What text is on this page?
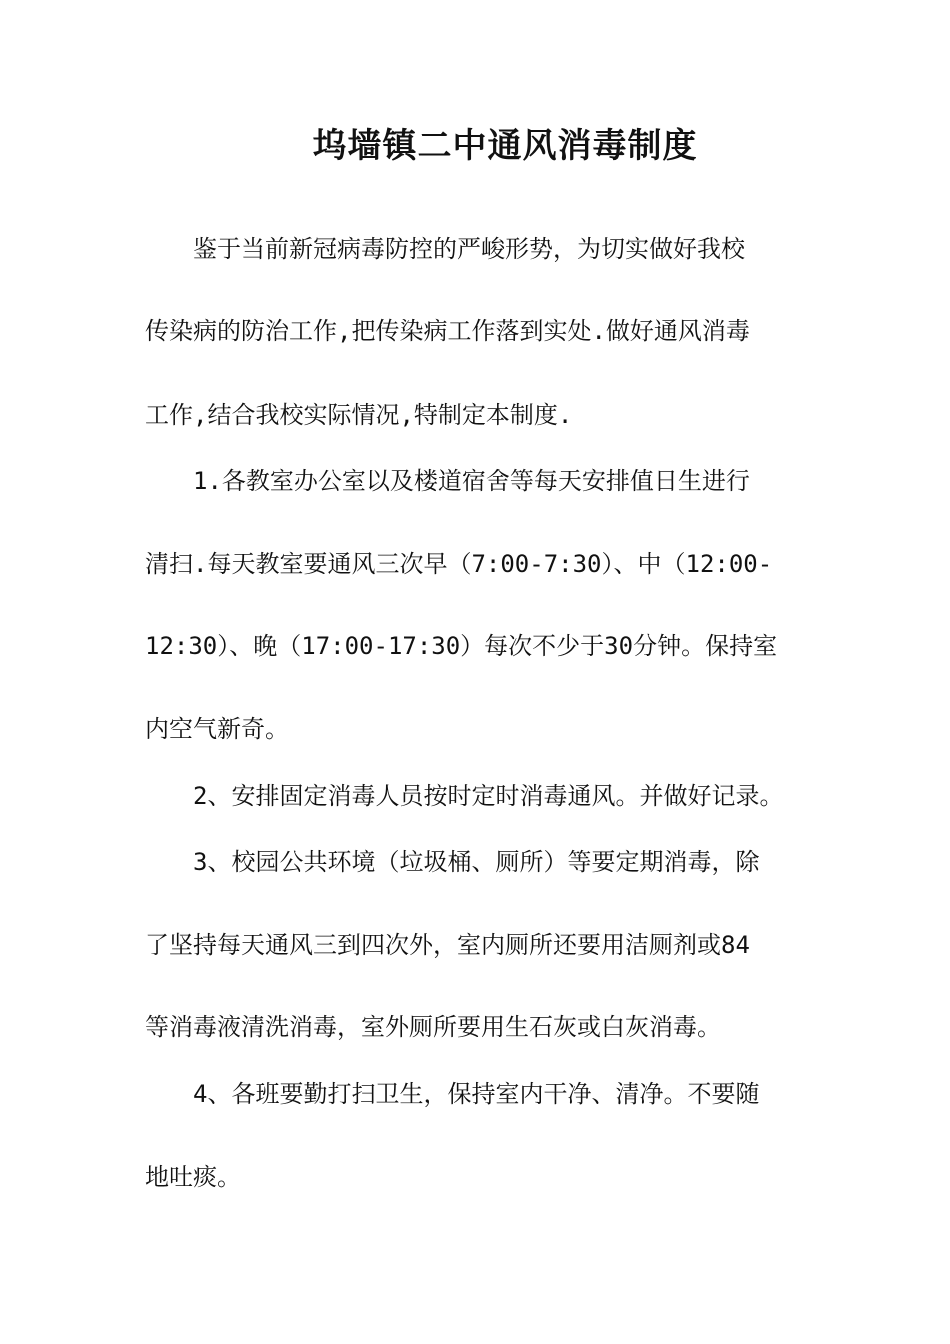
坞墙镇二中通风消毒制度

鉴于当前新冠病毒防控的严峻形势，为切实做好我校

传染病的防治工作,把传染病工作落到实处.做好通风消毒

工作,结合我校实际情况,特制定本制度.

1.各教室办公室以及楼道宿舍等每天安排值日生进行

清扫.每天教室要通风三次早（7:00-7:30）、中（12:00-

12:30）、晚（17:00-17:30）每次不少于30分钟。保持室

内空气新奇。

2、安排固定消毒人员按时定时消毒通风。并做好记录。

3、校园公共环境（垃圾桶、厕所）等要定期消毒，除

了坚持每天通风三到四次外，室内厕所还要用洁厕剂或84

等消毒液清洗消毒，室外厕所要用生石灰或白灰消毒。

4、各班要勤打扫卫生，保持室内干净、清净。不要随

地吐痰。
